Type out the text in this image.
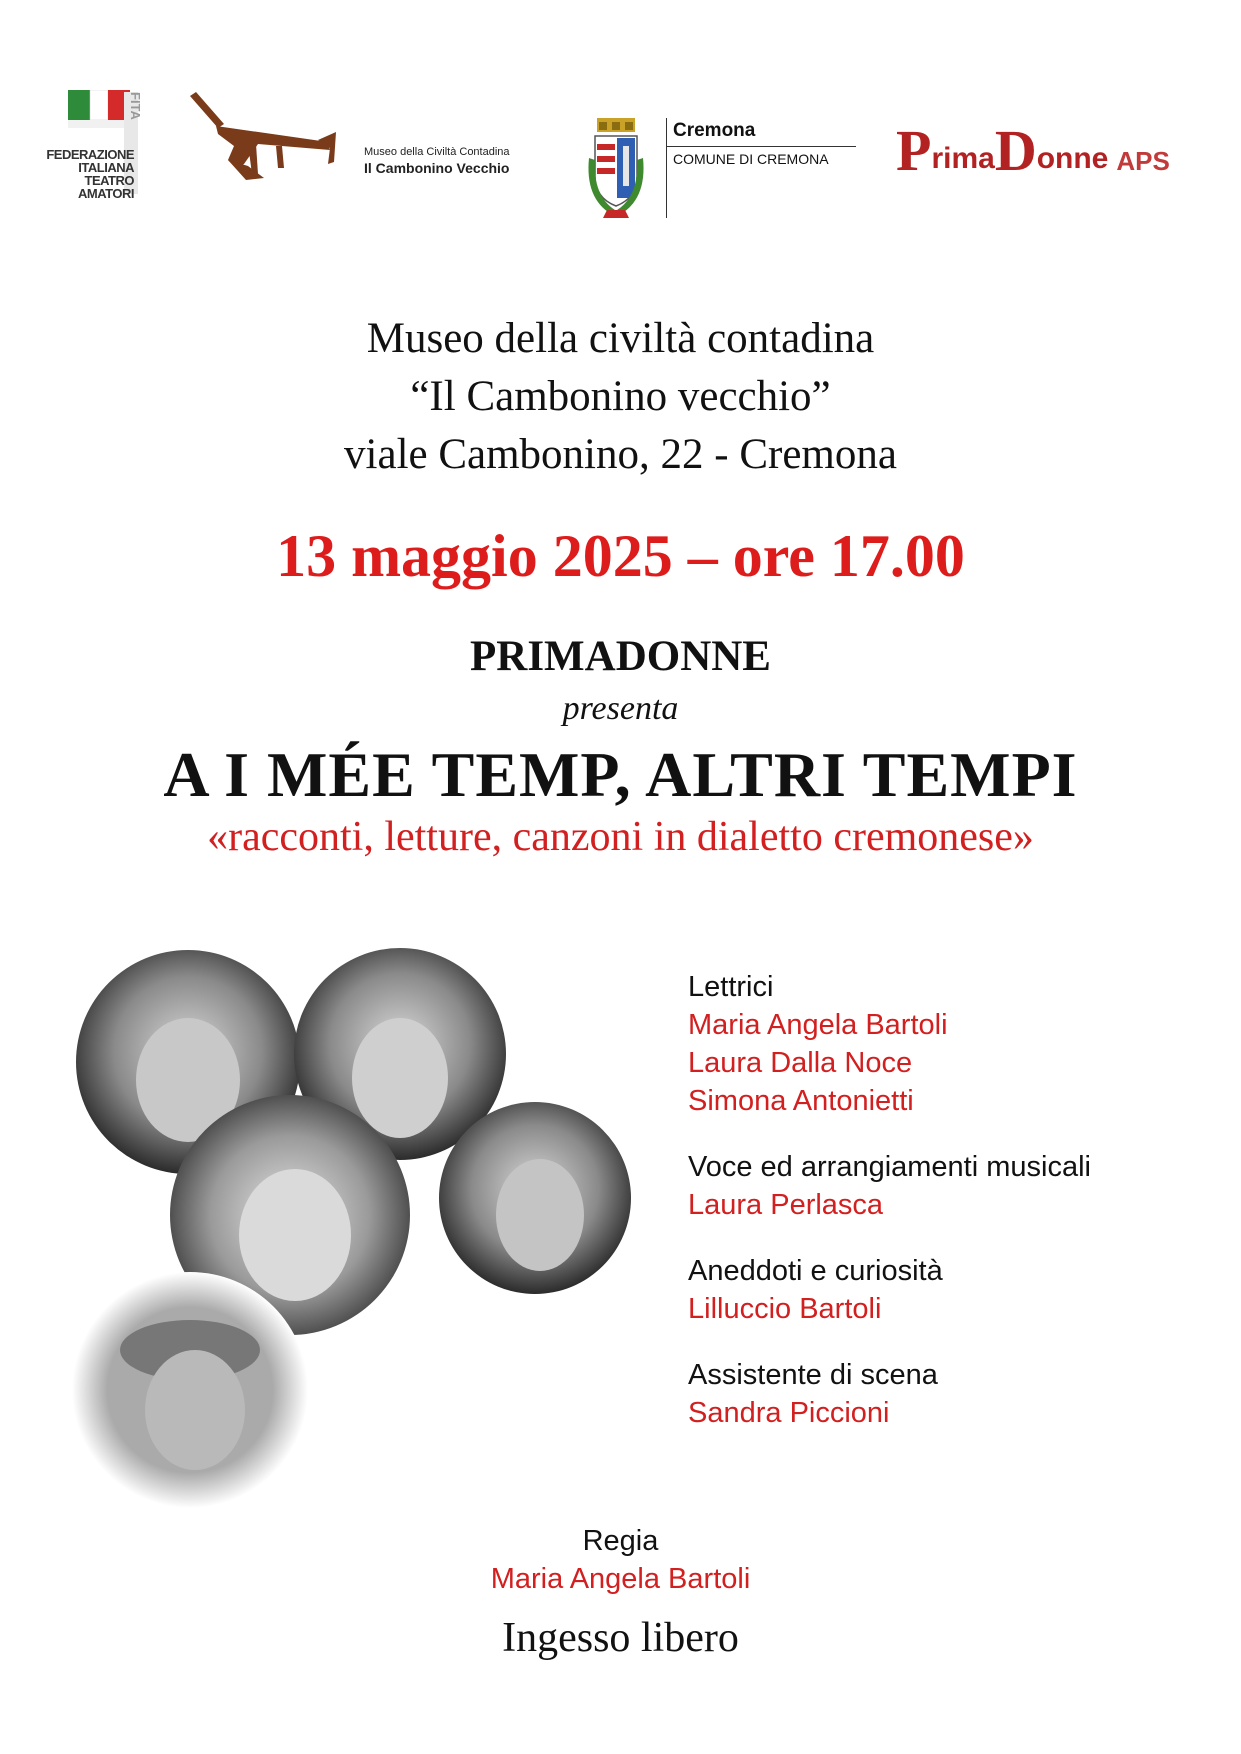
FEDERAZIONE
ITALIANA
TEATRO
AMATORI
FITA
Museo della Civiltà Contadina
Il Cambonino Vecchio
Cremona
COMUNE DI CREMONA P rima D onne APS
Museo della civiltà contadina
“Il Cambonino vecchio”
viale Cambonino, 22 - Cremona
13 maggio 2025 – ore 17.00
PRIMADONNE
presenta
A I MÉE TEMP, ALTRI TEMPI
«racconti, letture, canzoni in dialetto cremonese»
Lettrici
Maria Angela Bartoli
Laura Dalla Noce
Simona Antonietti
Voce ed arrangiamenti musicali
Laura Perlasca
Aneddoti e curiosità
Lilluccio Bartoli
Assistente di scena
Sandra Piccioni
Regia
Maria Angela Bartoli
Ingesso libero
